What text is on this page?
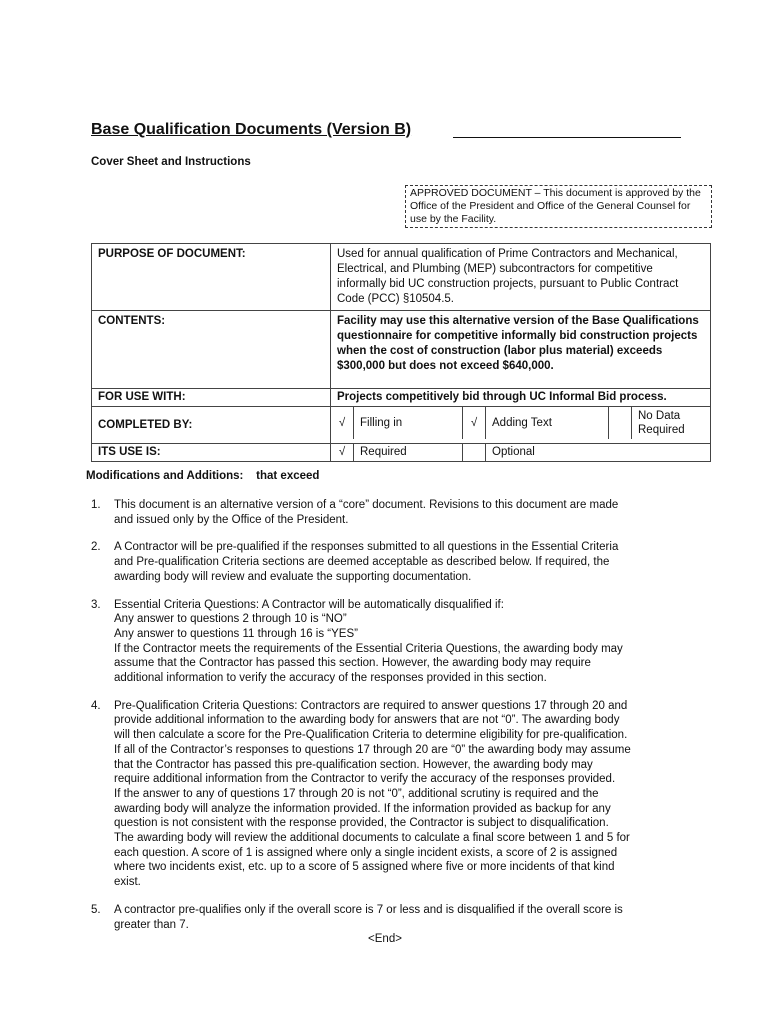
Base Qualification Documents (Version B)
Cover Sheet and Instructions
APPROVED DOCUMENT – This document is approved by the Office of the President and Office of the General Counsel for use by the Facility.
PURPOSE OF DOCUMENT:	Used for annual qualification of Prime Contractors and Mechanical, Electrical, and Plumbing (MEP) subcontractors for competitive informally bid UC construction projects, pursuant to Public Contract Code (PCC) §10504.5.
CONTENTS:	Facility may use this alternative version of the Base Qualifications questionnaire for competitive informally bid construction projects when the cost of construction (labor plus material) exceeds $300,000 but does not exceed $640,000.
FOR USE WITH:	Projects competitively bid through UC Informal Bid process.
COMPLETED BY:		√	Filling in	√	Adding Text		No Data Required

ITS USE IS:		√	Required		Optional
Modifications and Additions:    that exceed
1. This document is an alternative version of a “core” document. Revisions to this document are made
and issued only by the Office of the President.
2. A Contractor will be pre-qualified if the responses submitted to all questions in the Essential Criteria
and Pre-qualification Criteria sections are deemed acceptable as described below. If required, the
awarding body will review and evaluate the supporting documentation.
3. Essential Criteria Questions: A Contractor will be automatically disqualified if:
Any answer to questions 2 through 10 is “NO”
Any answer to questions 11 through 16 is “YES”
If the Contractor meets the requirements of the Essential Criteria Questions, the awarding body may
assume that the Contractor has passed this section. However, the awarding body may require
additional information to verify the accuracy of the responses provided in this section.
4. Pre-Qualification Criteria Questions: Contractors are required to answer questions 17 through 20 and
provide additional information to the awarding body for answers that are not “0”. The awarding body
will then calculate a score for the Pre-Qualification Criteria to determine eligibility for pre-qualification.
If all of the Contractor’s responses to questions 17 through 20 are “0” the awarding body may assume
that the Contractor has passed this pre-qualification section. However, the awarding body may
require additional information from the Contractor to verify the accuracy of the responses provided.
If the answer to any of questions 17 through 20 is not “0”, additional scrutiny is required and the
awarding body will analyze the information provided. If the information provided as backup for any
question is not consistent with the response provided, the Contractor is subject to disqualification.
The awarding body will review the additional documents to calculate a final score between 1 and 5 for
each question. A score of 1 is assigned where only a single incident exists, a score of 2 is assigned
where two incidents exist, etc. up to a score of 5 assigned where five or more incidents of that kind
exist.
5. A contractor pre-qualifies only if the overall score is 7 or less and is disqualified if the overall score is
greater than 7.
<End>
